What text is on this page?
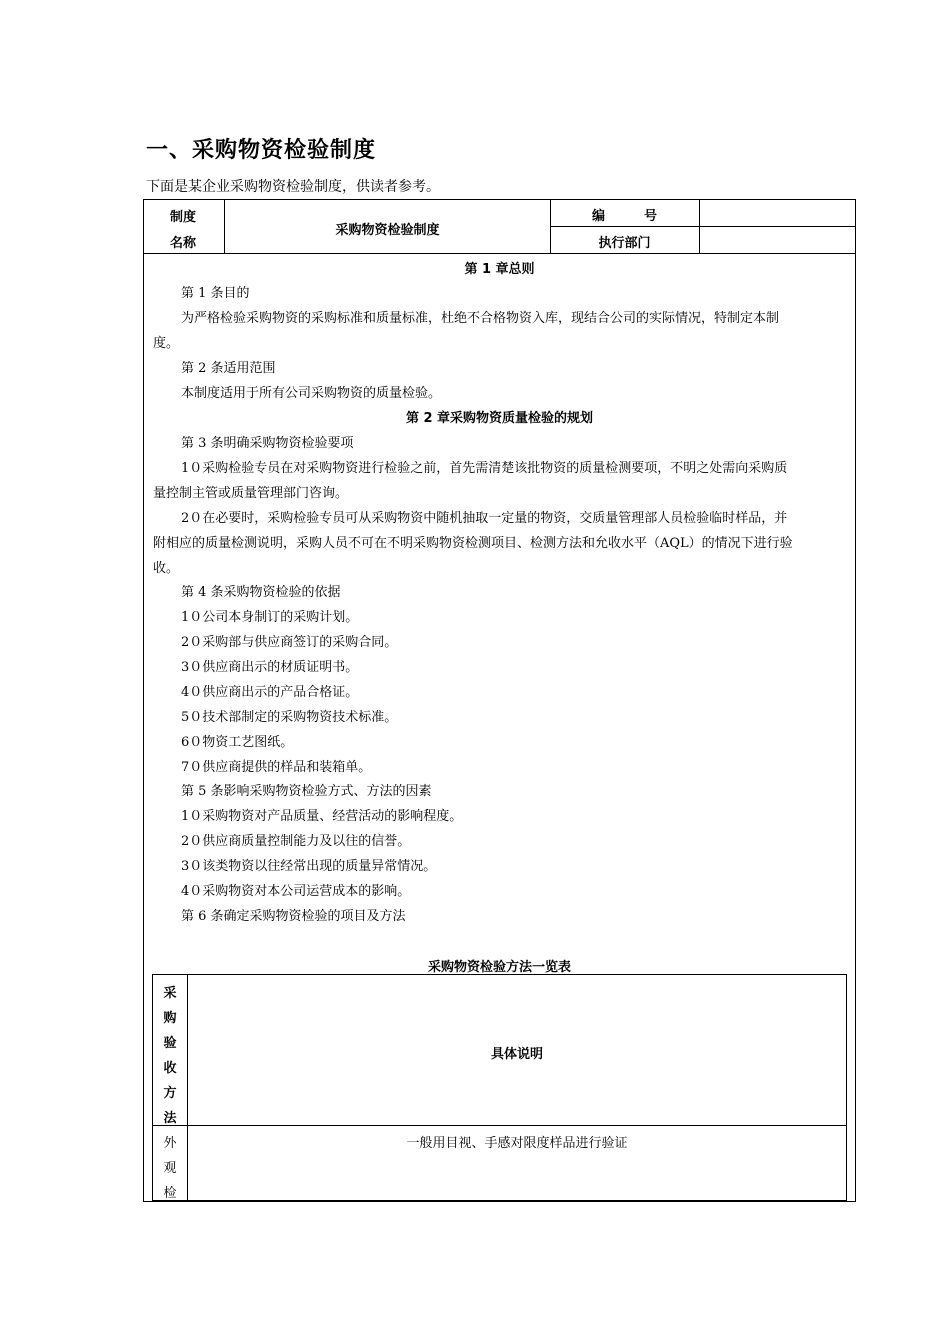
一、采购物资检验制度
下面是某企业采购物资检验制度，供读者参考。
制度
名称
采购物资检验制度
编　　　号
执行部门
第 1 章总则
第 1 条目的
为严格检验采购物资的采购标准和质量标准，杜绝不合格物资入库，现结合公司的实际情况，特制定本制
度。
第 2 条适用范围
本制度适用于所有公司采购物资的质量检验。
第 2 章采购物资质量检验的规划
第 3 条明确采购物资检验要项
1０采购检验专员在对采购物资进行检验之前，首先需清楚该批物资的质量检测要项，不明之处需向采购质
量控制主管或质量管理部门咨询。
2０在必要时，采购检验专员可从采购物资中随机抽取一定量的物资，交质量管理部人员检验临时样品，并
附相应的质量检测说明，采购人员不可在不明采购物资检测项目、检测方法和允收水平（AQL）的情况下进行验
收。
第 4 条采购物资检验的依据
1０公司本身制订的采购计划。
2０采购部与供应商签订的采购合同。
3０供应商出示的材质证明书。
4０供应商出示的产品合格证。
5０技术部制定的采购物资技术标准。
6０物资工艺图纸。
7０供应商提供的样品和装箱单。
第 5 条影响采购物资检验方式、方法的因素
1０采购物资对产品质量、经营活动的影响程度。
2０供应商质量控制能力及以往的信誉。
3０该类物资以往经常出现的质量异常情况。
4０采购物资对本公司运营成本的影响。
第 6 条确定采购物资检验的项目及方法
采购物资检验方法一览表
采
购
验
收
方
法
具体说明
外
观
检
一般用目视、手感对限度样品进行验证
